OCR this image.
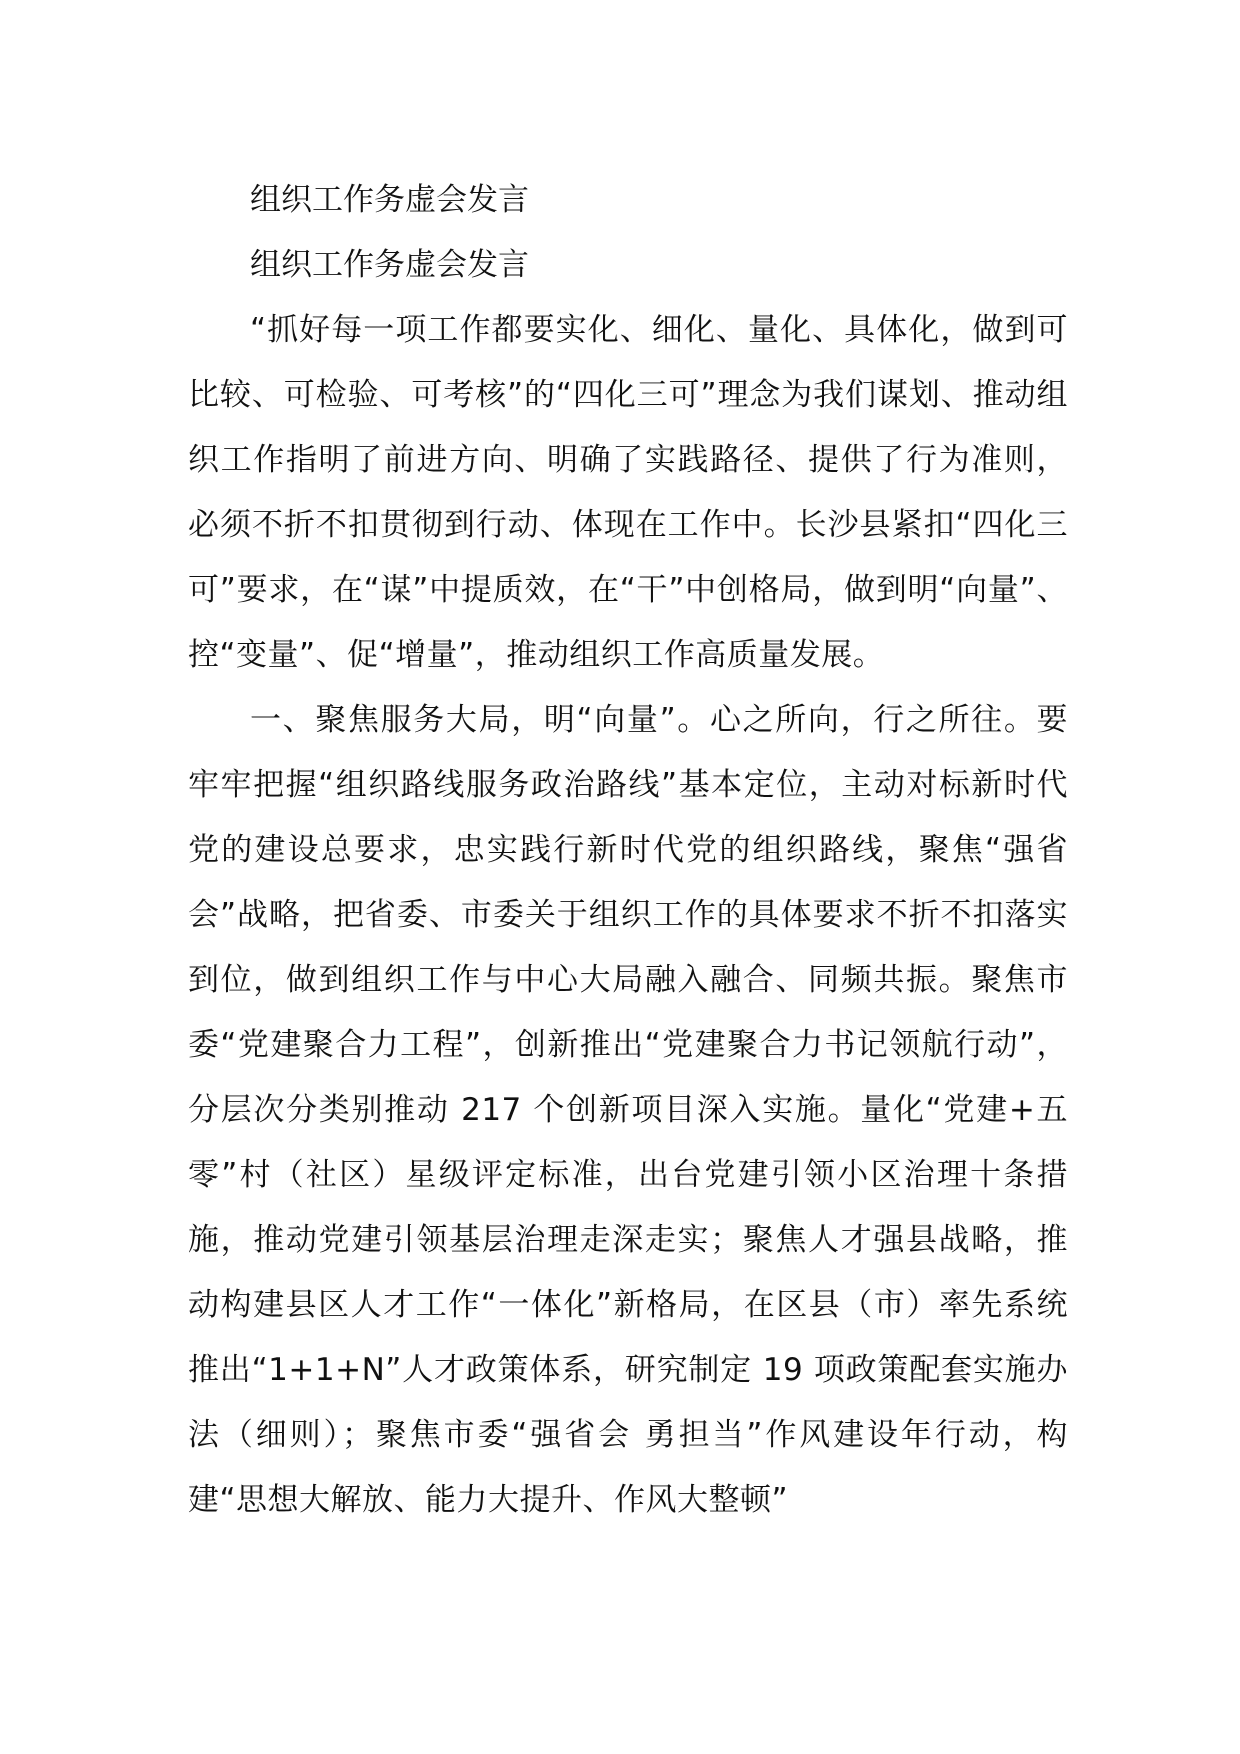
组织工作务虚会发言

组织工作务虚会发言

“抓好每一项工作都要实化、细化、量化、具体化，做到可比较、可检验、可考核”的“四化三可”理念为我们谋划、推动组织工作指明了前进方向、明确了实践路径、提供了行为准则，必须不折不扣贯彻到行动、体现在工作中。长沙县紧扣“四化三可”要求，在“谋”中提质效，在“干”中创格局，做到明“向量”、控“变量”、促“增量”，推动组织工作高质量发展。

一、聚焦服务大局，明“向量”。心之所向，行之所往。要牢牢把握“组织路线服务政治路线”基本定位，主动对标新时代党的建设总要求，忠实践行新时代党的组织路线，聚焦“强省会”战略，把省委、市委关于组织工作的具体要求不折不扣落实到位，做到组织工作与中心大局融入融合、同频共振。聚焦市委“党建聚合力工程”，创新推出“党建聚合力书记领航行动”，分层次分类别推动 217 个创新项目深入实施。量化“党建+五零”村（社区）星级评定标准，出台党建引领小区治理十条措施，推动党建引领基层治理走深走实；聚焦人才强县战略，推动构建县区人才工作“一体化”新格局，在区县（市）率先系统推出“1+1+N”人才政策体系，研究制定 19 项政策配套实施办法（细则）；聚焦市委“强省会 勇担当”作风建设年行动，构建“思想大解放、能力大提升、作风大整顿”
